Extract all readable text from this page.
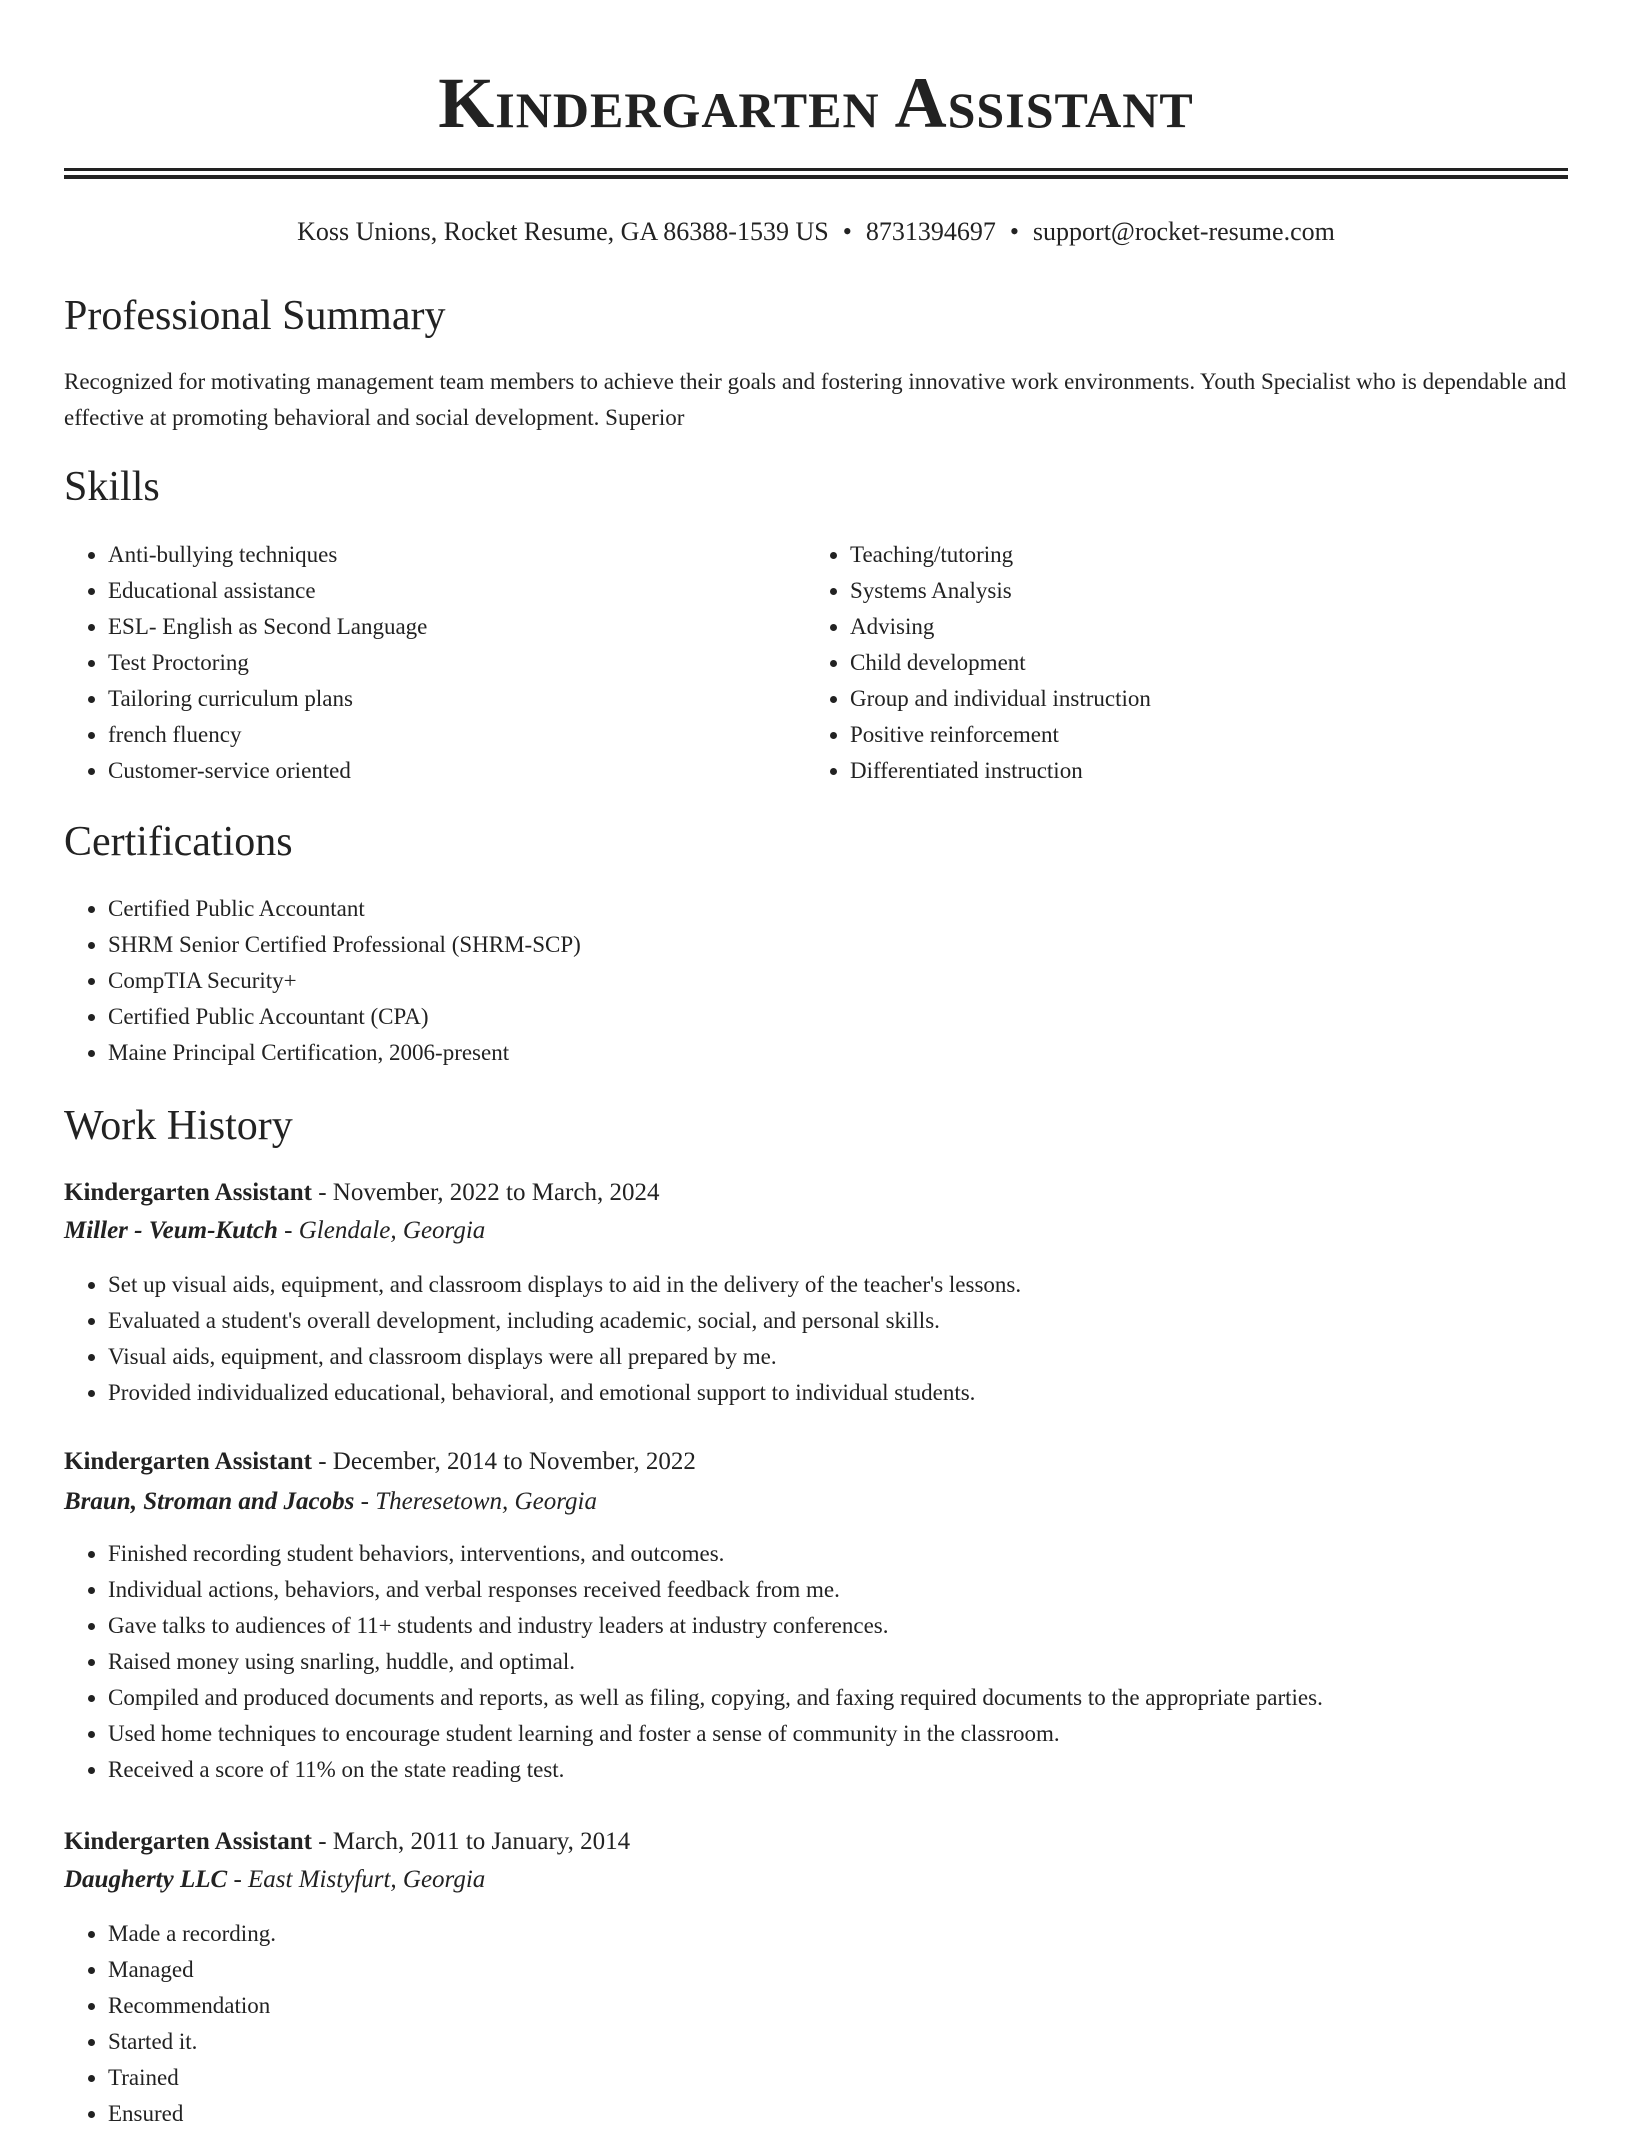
Kindergarten Assistant
Koss Unions, Rocket Resume, GA 86388-1539 US • 8731394697 • support@rocket-resume.com
Professional Summary

Recognized for motivating management team members to achieve their goals and fostering innovative work environments. Youth Specialist who is dependable and effective at promoting behavioral and social development. Superior

Skills
• Anti-bullying techniques
• Educational assistance
• ESL- English as Second Language
• Test Proctoring
• Tailoring curriculum plans
• french fluency
• Customer-service oriented
• Teaching/tutoring
• Systems Analysis
• Advising
• Child development
• Group and individual instruction
• Positive reinforcement
• Differentiated instruction
Certifications
• Certified Public Accountant
• SHRM Senior Certified Professional (SHRM-SCP)
• CompTIA Security+
• Certified Public Accountant (CPA)
• Maine Principal Certification, 2006-present
Work History
Kindergarten Assistant - November, 2022 to March, 2024
Miller - Veum-Kutch - Glendale, Georgia
• Set up visual aids, equipment, and classroom displays to aid in the delivery of the teacher's lessons.
• Evaluated a student's overall development, including academic, social, and personal skills.
• Visual aids, equipment, and classroom displays were all prepared by me.
• Provided individualized educational, behavioral, and emotional support to individual students.
Kindergarten Assistant - December, 2014 to November, 2022
Braun, Stroman and Jacobs - Theresetown, Georgia
• Finished recording student behaviors, interventions, and outcomes.
• Individual actions, behaviors, and verbal responses received feedback from me.
• Gave talks to audiences of 11+ students and industry leaders at industry conferences.
• Raised money using snarling, huddle, and optimal.
• Compiled and produced documents and reports, as well as filing, copying, and faxing required documents to the appropriate parties.
• Used home techniques to encourage student learning and foster a sense of community in the classroom.
• Received a score of 11% on the state reading test.
Kindergarten Assistant - March, 2011 to January, 2014
Daugherty LLC - East Mistyfurt, Georgia
• Made a recording.
• Managed
• Recommendation
• Started it.
• Trained
• Ensured
